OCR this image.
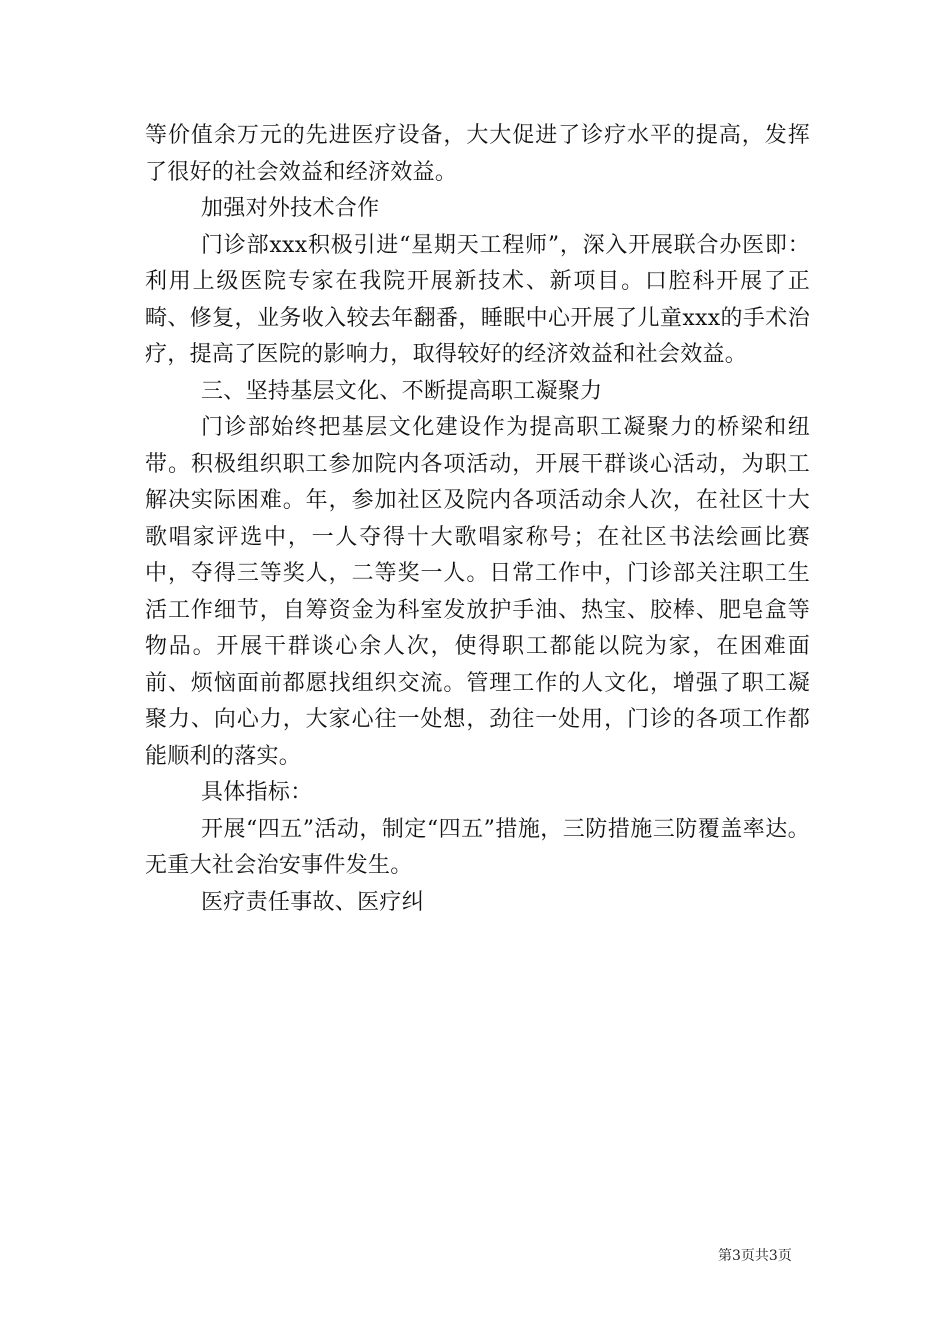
等价值余万元的先进医疗设备，大大促进了诊疗水平的提高，发挥了很好的社会效益和经济效益。

加强对外技术合作

门诊部xxx积极引进“星期天工程师”，深入开展联合办医即：利用上级医院专家在我院开展新技术、新项目。口腔科开展了正畸、修复，业务收入较去年翻番，睡眠中心开展了儿童xxx的手术治疗，提高了医院的影响力，取得较好的经济效益和社会效益。

三、坚持基层文化、不断提高职工凝聚力

门诊部始终把基层文化建设作为提高职工凝聚力的桥梁和纽带。积极组织职工参加院内各项活动，开展干群谈心活动，为职工解决实际困难。年，参加社区及院内各项活动余人次，在社区十大歌唱家评选中，一人夺得十大歌唱家称号；在社区书法绘画比赛中，夺得三等奖人，二等奖一人。日常工作中，门诊部关注职工生活工作细节，自筹资金为科室发放护手油、热宝、胶棒、肥皂盒等物品。开展干群谈心余人次，使得职工都能以院为家，在困难面前、烦恼面前都愿找组织交流。管理工作的人文化，增强了职工凝聚力、向心力，大家心往一处想，劲往一处用，门诊的各项工作都能顺利的落实。

具体指标：

开展“四五”活动，制定“四五”措施，三防措施三防覆盖率达。无重大社会治安事件发生。

医疗责任事故、医疗纠

第3页共3页
